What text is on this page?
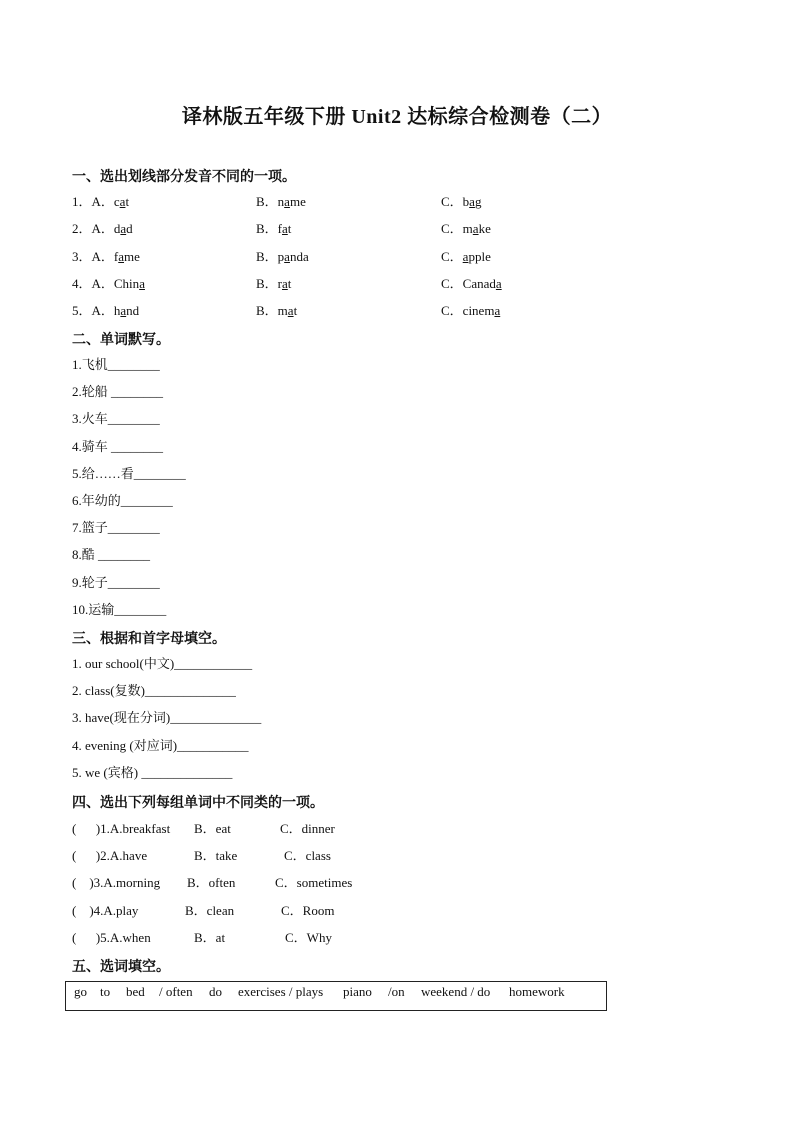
译林版五年级下册 Unit2 达标综合检测卷（二）
一、选出划线部分发音不同的一项。
1．A．cat	B．name	C．bag
2．A．dad	B．fat	C．make
3．A．fame	B．panda	C．apple
4．A．China	B．rat	C．Canada
5．A．hand	B．mat	C．cinema
二、单词默写。
1.飞机________
2.轮船 ________
3.火车________
4.骑车 ________
5.给……看________
6.年幼的________
7.篮子________
8.酷 ________
9.轮子________
10.运输________
三、根据和首字母填空。
1. our school(中文)____________
2. class(复数)______________
3. have(现在分词)______________
4. evening (对应词)___________
5. we (宾格) ______________
四、选出下列每组单词中不同类的一项。
(      )1.A.breakfast B．eat	C．dinner
(      )2.A.have	B．take	C．class
(    )3.A.morning B．often	C．sometimes
(    )4.A.play	B．clean	C．Room
(      )5.A.when	B．at	C．Why
五、选词填空。
go to bed / often do exercises / plays piano /on weekend / do homework
